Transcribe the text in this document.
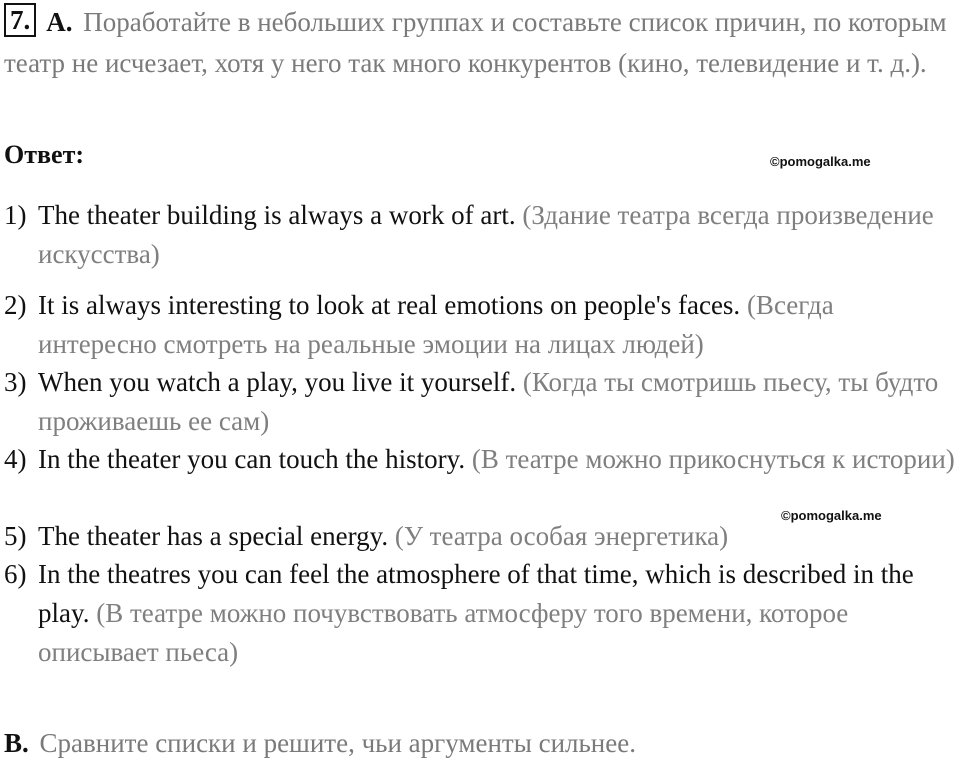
7. A. Поработайте в небольших группах и составьте список причин, по которым театр не исчезает, хотя у него так много конкурентов (кино, телевидение и т. д.).
Ответ:	©pomogalka.me
1) The theater building is always a work of art. (Здание театра всегда произведение искусства)
2) It is always interesting to look at real emotions on people's faces. (Всегда интересно смотреть на реальные эмоции на лицах людей)
3) When you watch a play, you live it yourself. (Когда ты смотришь пьесу, ты будто проживаешь ее сам)
4) In the theater you can touch the history. (В театре можно прикоснуться к истории)
©pomogalka.me
5) The theater has a special energy. (У театра особая энергетика)
6) In the theatres you can feel the atmosphere of that time, which is described in the play. (В театре можно почувствовать атмосферу того времени, которое описывает пьеса)
B. Сравните списки и решите, чьи аргументы сильнее.
